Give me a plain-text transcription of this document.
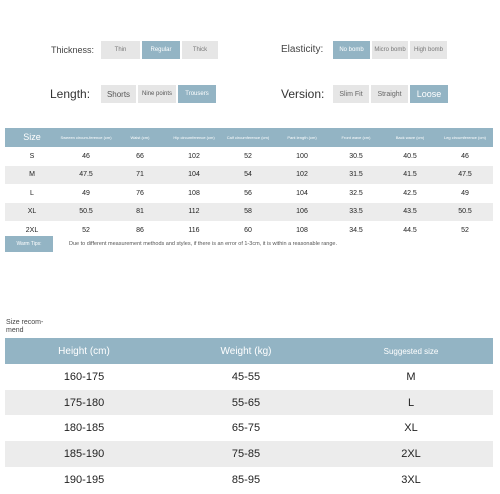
Thickness:	Thin	Regular	Thick	Elasticity:	No bomb	Micro bomb	High bomb
Length:	Shorts	Nine points	Trousers	Version:	Slim Fit	Straight	Loose
Size	Sweeen circum-ference (cm)	Waist (cm)	Hip circumference (cm)	Calf circumference (cm)	Pant length (cm)	Front wave (cm)	Back wave (cm)	Leg circumference (cm)
S	46	66	102	52	100	30.5	40.5	46
M	47.5	71	104	54	102	31.5	41.5	47.5
L	49	76	108	56	104	32.5	42.5	49
XL	50.5	81	112	58	106	33.5	43.5	50.5
2XL	52	86	116	60	108	34.5	44.5	52
Warm Tips:	Due to different measurement methods and styles, if there is an error of 1-3cm, it is within a reasonable range.
Size recom-mend
Height (cm)	Weight (kg)	Suggested size
160-175	45-55	M
175-180	55-65	L
180-185	65-75	XL
185-190	75-85	2XL
190-195	85-95	3XL
